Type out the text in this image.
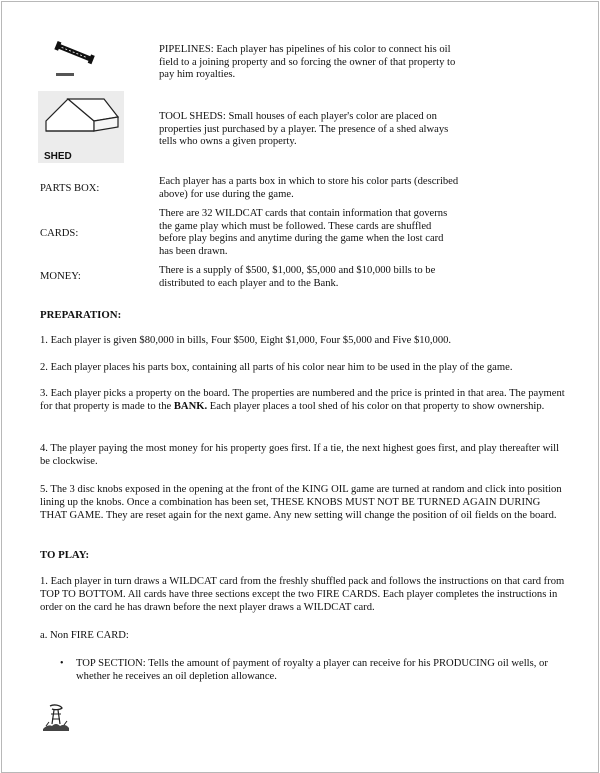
SHED
PIPELINES: Each player has pipelines of his color to connect his oil field to a joining property and so forcing the owner of that property to pay him royalties.
TOOL SHEDS: Small houses of each player's color are placed on properties just purchased by a player. The presence of a shed always tells who owns a given property.
PARTS BOX:
Each player has a parts box in which to store his color parts (described above) for use during the game.
CARDS:
There are 32 WILDCAT cards that contain information that governs the game play which must be followed. These cards are shuffled before play begins and anytime during the game when the lost card has been drawn.
MONEY:
There is a supply of $500, $1,000, $5,000 and $10,000 bills to be distributed to each player and to the Bank.
PREPARATION:
1. Each player is given $80,000 in bills, Four $500, Eight $1,000, Four $5,000 and Five $10,000.
2. Each player places his parts box, containing all parts of his color near him to be used in the play of the game.
3. Each player picks a property on the board. The properties are numbered and the price is printed in that area. The payment for that property is made to the BANK. Each player places a tool shed of his color on that property to show ownership.
4. The player paying the most money for his property goes first. If a tie, the next highest goes first, and play thereafter will be clockwise.
5. The 3 disc knobs exposed in the opening at the front of the KING OIL game are turned at random and click into position lining up the knobs. Once a combination has been set, THESE KNOBS MUST NOT BE TURNED AGAIN DURING THAT GAME. They are reset again for the next game. Any new setting will change the position of oil fields on the board.
TO PLAY:
1. Each player in turn draws a WILDCAT card from the freshly shuffled pack and follows the instructions on that card from TOP TO BOTTOM. All cards have three sections except the two FIRE CARDS. Each player completes the instructions in order on the card he has drawn before the next player draws a WILDCAT card.
a. Non FIRE CARD:
• TOP SECTION: Tells the amount of payment of royalty a player can receive for his PRODUCING oil wells, or whether he receives an oil depletion allowance.
